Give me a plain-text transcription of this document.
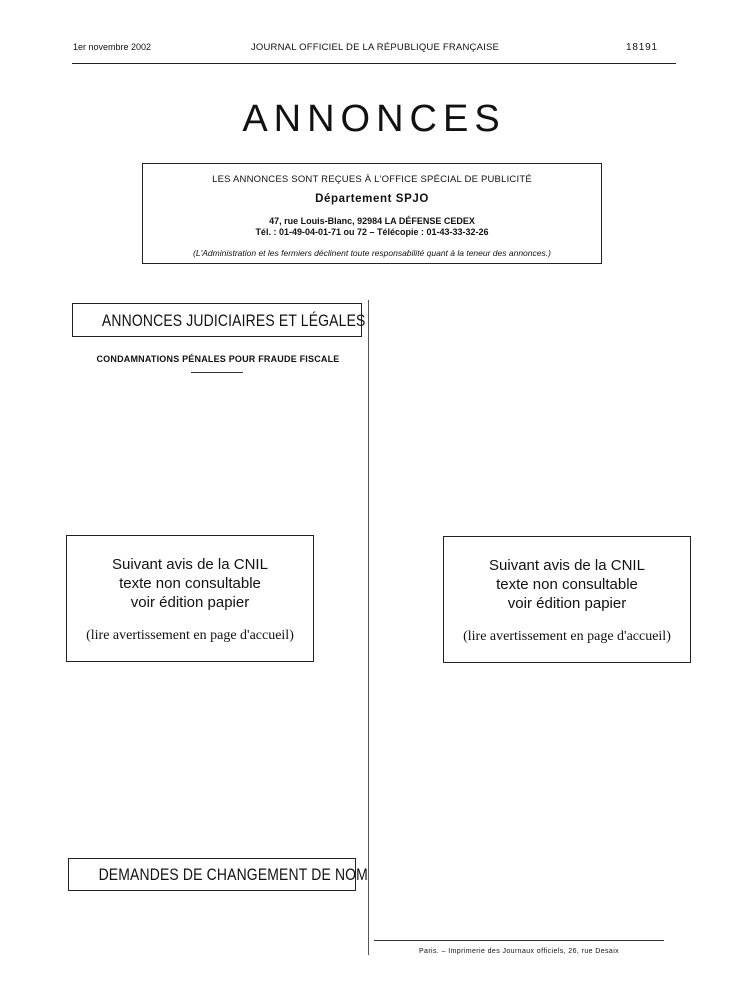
1er novembre 2002	JOURNAL OFFICIEL DE LA RÉPUBLIQUE FRANÇAISE	18191
ANNONCES
LES ANNONCES SONT REÇUES À L'OFFICE SPÉCIAL DE PUBLICITÉ
Département SPJO
47, rue Louis-Blanc, 92984 LA DÉFENSE CEDEX
Tél. : 01-49-04-01-71 ou 72 – Télécopie : 01-43-33-32-26
(L'Administration et les fermiers déclinent toute responsabilité quant à la teneur des annonces.)
ANNONCES JUDICIAIRES ET LÉGALES
CONDAMNATIONS PÉNALES POUR FRAUDE FISCALE
Suivant avis de la CNIL
texte non consultable
voir édition papier
(lire avertissement en page d'accueil)
Suivant avis de la CNIL
texte non consultable
voir édition papier
(lire avertissement en page d'accueil)
DEMANDES DE CHANGEMENT DE NOM
Paris. – Imprimerie des Journaux officiels, 26, rue Desaix
